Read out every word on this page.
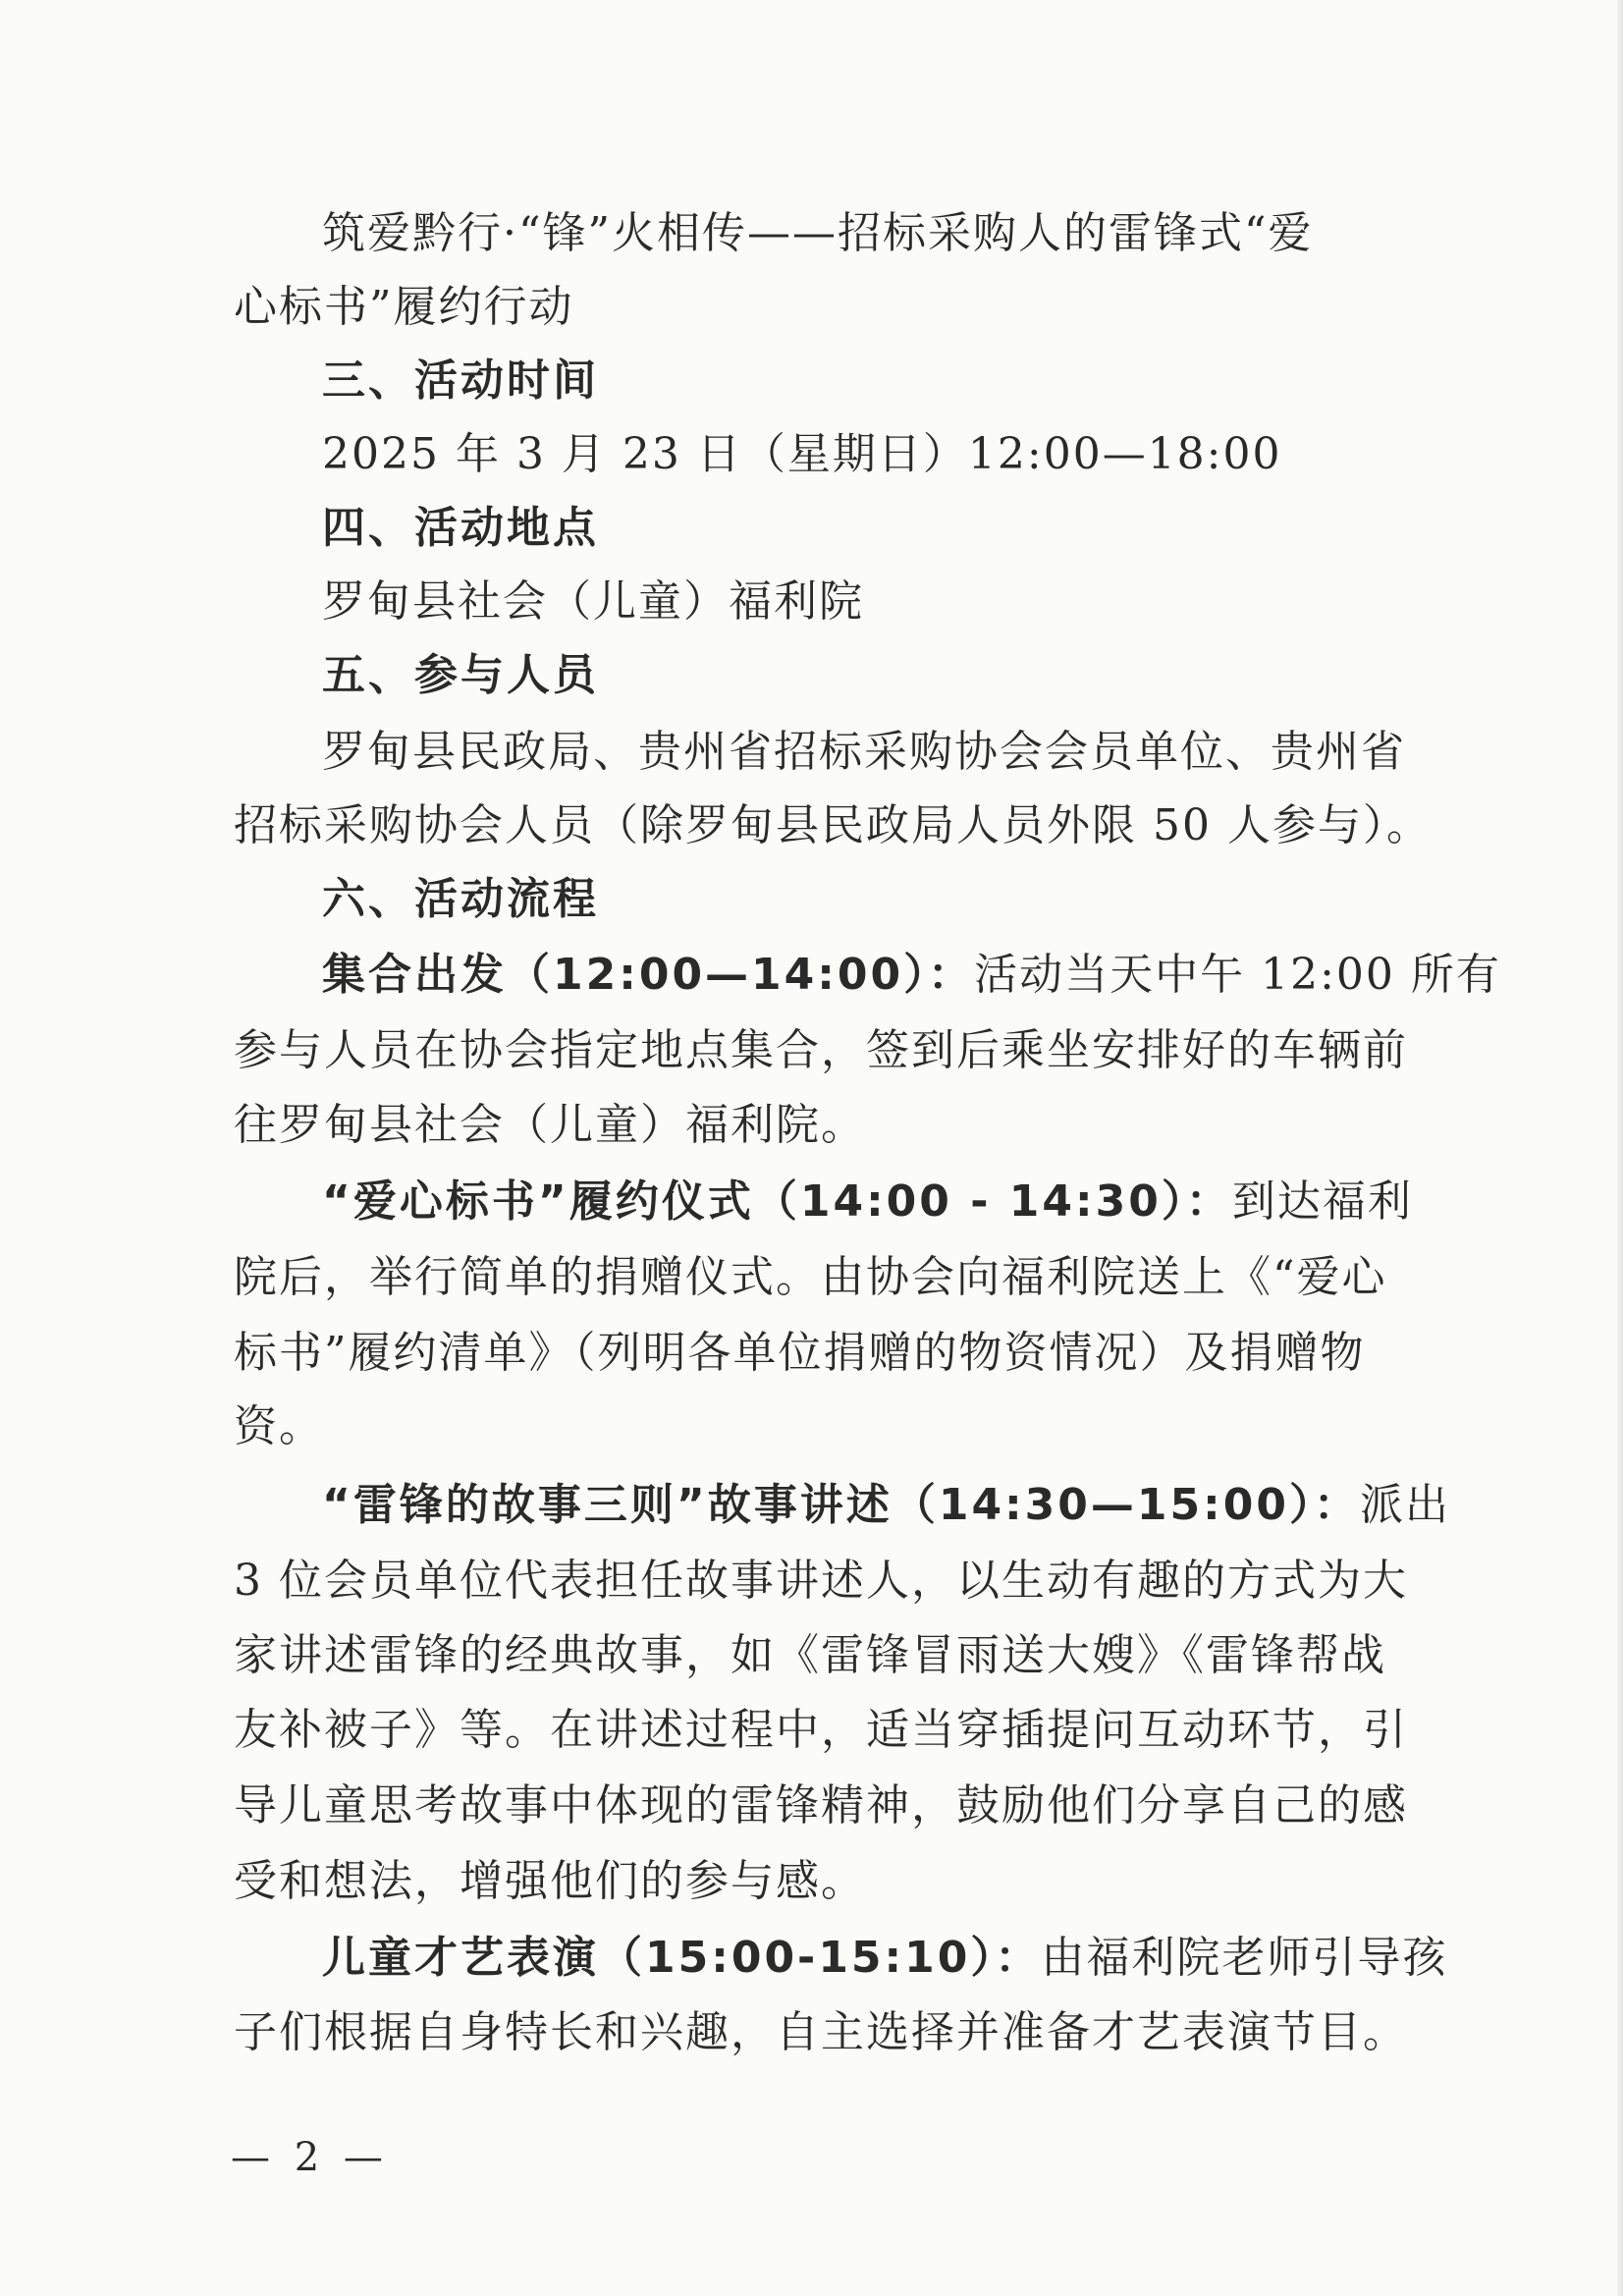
筑爱黔行·“锋”火相传——招标采购人的雷锋式“爱
心标书”履约行动
三、活动时间
2025 年 3 月 23 日（星期日）12:00—18:00
四、活动地点
罗甸县社会（儿童）福利院
五、参与人员
罗甸县民政局、贵州省招标采购协会会员单位、贵州省
招标采购协会人员（除罗甸县民政局人员外限 50 人参与）。
六、活动流程
集合出发（12:00—14:00）：活动当天中午 12:00 所有
参与人员在协会指定地点集合，签到后乘坐安排好的车辆前
往罗甸县社会（儿童）福利院。
“爱心标书”履约仪式（14:00 - 14:30）：到达福利
院后，举行简单的捐赠仪式。由协会向福利院送上《“爱心
标书”履约清单》（列明各单位捐赠的物资情况）及捐赠物
资。
“雷锋的故事三则”故事讲述（14:30—15:00）：派出
3 位会员单位代表担任故事讲述人，以生动有趣的方式为大
家讲述雷锋的经典故事，如《雷锋冒雨送大嫂》《雷锋帮战
友补被子》等。在讲述过程中，适当穿插提问互动环节，引
导儿童思考故事中体现的雷锋精神，鼓励他们分享自己的感
受和想法，增强他们的参与感。
儿童才艺表演（15:00-15:10）：由福利院老师引导孩
子们根据自身特长和兴趣，自主选择并准备才艺表演节目。
— 2 —
